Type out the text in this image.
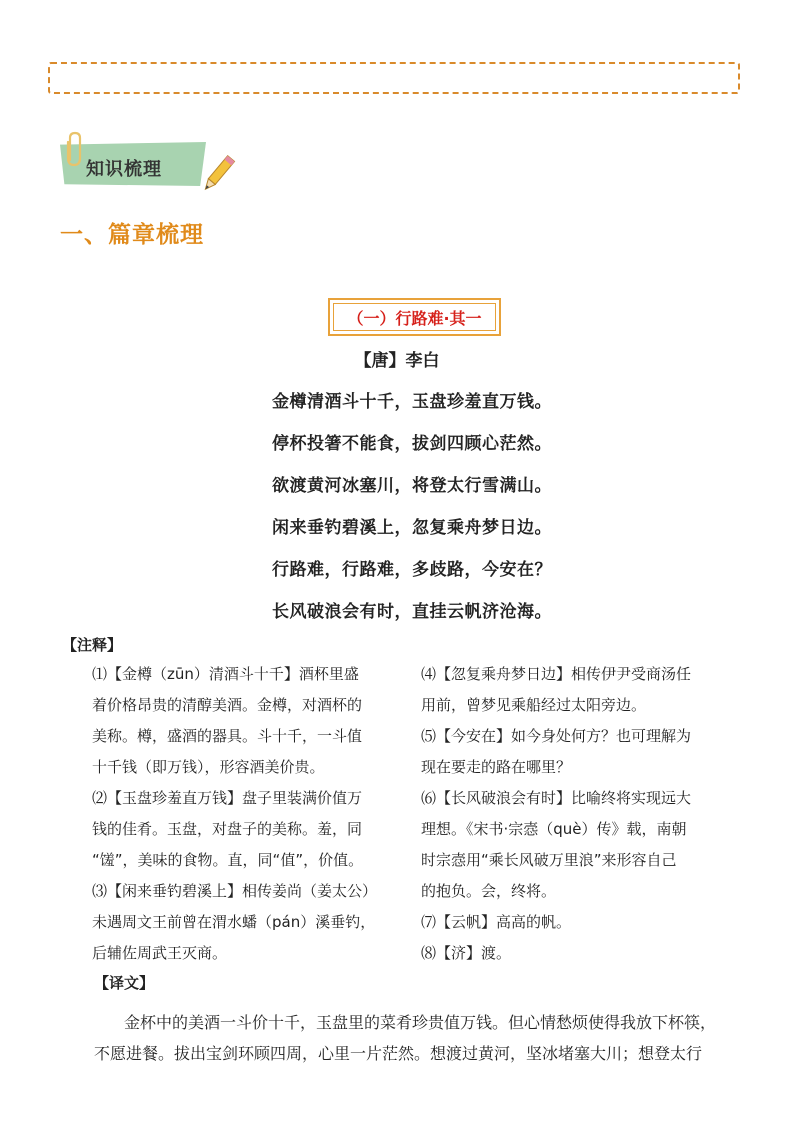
知识梳理
一、篇章梳理
（一）行路难·其一
【唐】李白
金樽清酒斗十千，玉盘珍羞直万钱。
停杯投箸不能食，拔剑四顾心茫然。
欲渡黄河冰塞川，将登太行雪满山。
闲来垂钓碧溪上，忽复乘舟梦日边。
行路难，行路难，多歧路，今安在？
长风破浪会有时，直挂云帆济沧海。
【注释】
⑴【金樽（zūn）清酒斗十千】酒杯里盛
着价格昂贵的清醇美酒。金樽，对酒杯的
美称。樽，盛酒的器具。斗十千，一斗值
十千钱（即万钱），形容酒美价贵。
⑵【玉盘珍羞直万钱】盘子里装满价值万
钱的佳肴。玉盘，对盘子的美称。羞，同
“馐”，美味的食物。直，同“值”，价值。
⑶【闲来垂钓碧溪上】相传姜尚（姜太公）
未遇周文王前曾在渭水蟠（pán）溪垂钓，
后辅佐周武王灭商。
⑷【忽复乘舟梦日边】相传伊尹受商汤任
用前，曾梦见乘船经过太阳旁边。
⑸【今安在】如今身处何方？也可理解为
现在要走的路在哪里？
⑹【长风破浪会有时】比喻终将实现远大
理想。《宋书·宗悫（què）传》载，南朝
时宗悫用“乘长风破万里浪”来形容自己
的抱负。会，终将。
⑺【云帆】高高的帆。
⑻【济】渡。
【译文】
金杯中的美酒一斗价十千，玉盘里的菜肴珍贵值万钱。但心情愁烦使得我放下杯筷，
不愿进餐。拔出宝剑环顾四周，心里一片茫然。想渡过黄河，坚冰堵塞大川；想登太行
